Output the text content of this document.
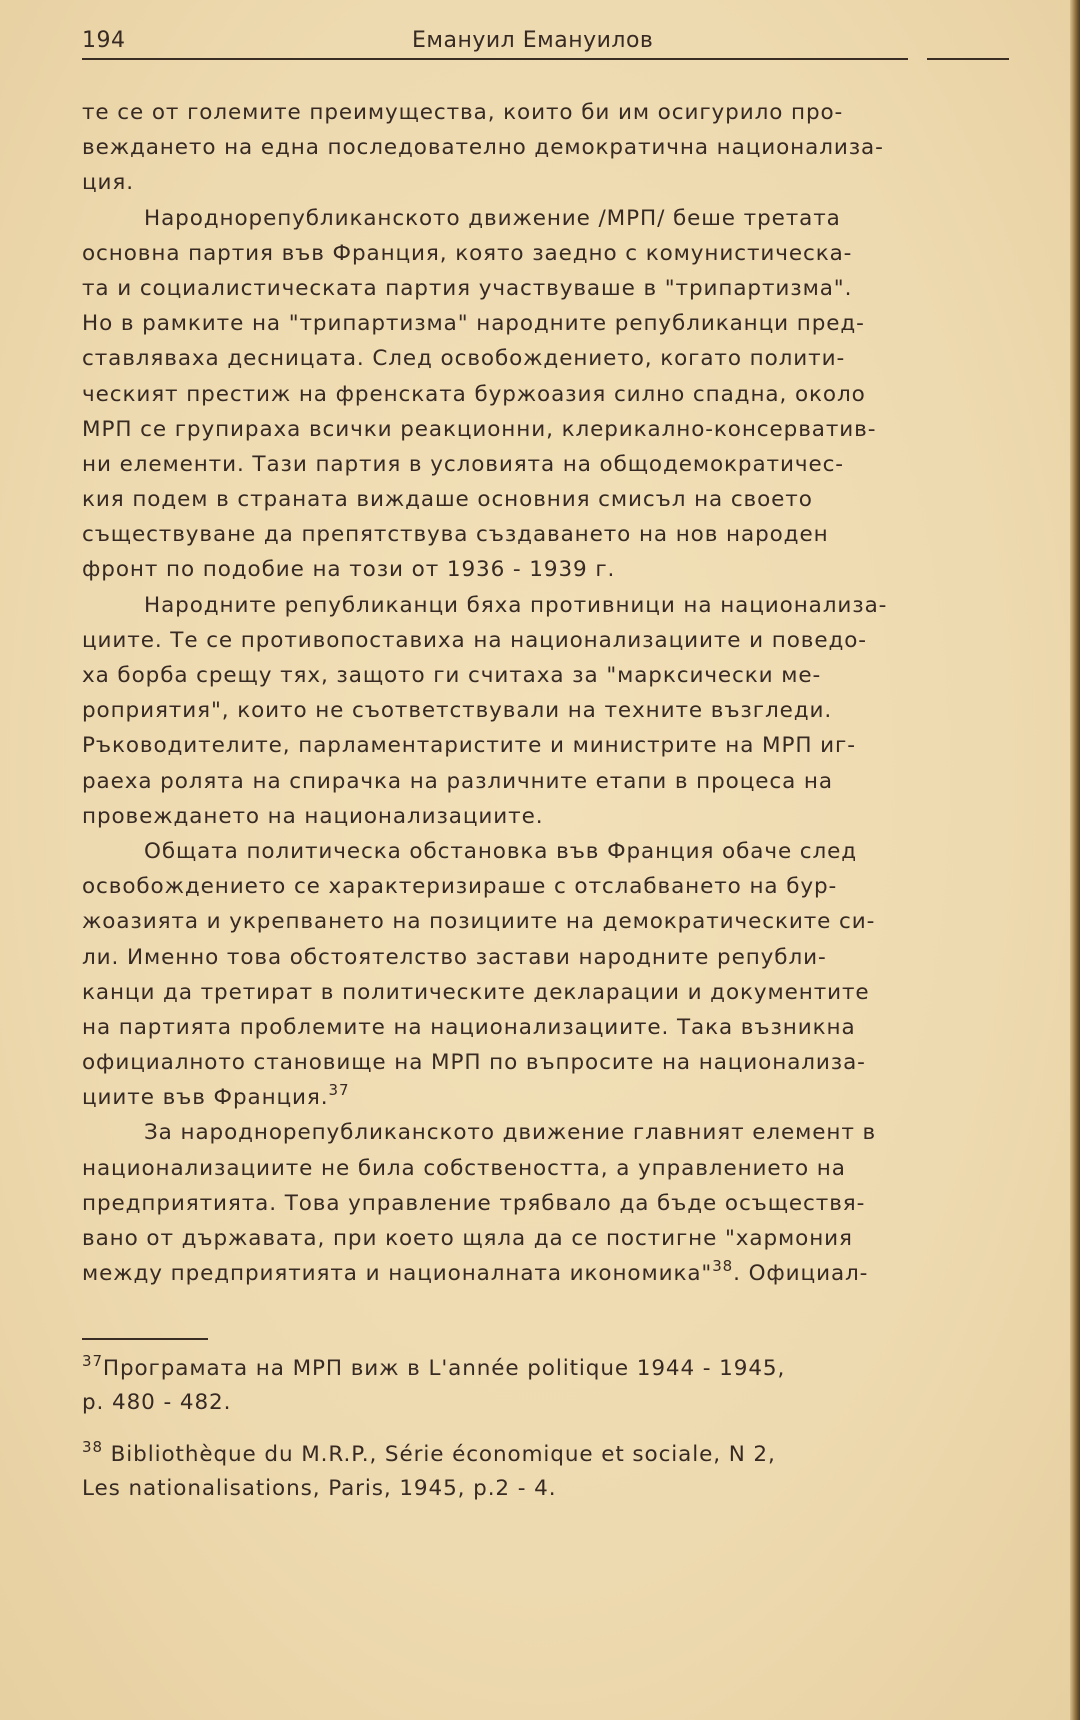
194	Емануил Емануилов
те се от големите преимущества, които би им осигурило про-
веждането на една последователно демократична национализа-
ция.
Народнорепубликанското движение /МРП/ беше третата
основна партия във Франция, която заедно с комунистическа-
та и социалистическата партия участвуваше в "трипартизма".
Но в рамките на "трипартизма" народните републиканци пред-
ставляваха десницата. След освобождението, когато полити-
ческият престиж на френската буржоазия силно спадна, около
МРП се групираха всички реакционни, клерикално-консерватив-
ни елементи. Тази партия в условията на общодемократичес-
кия подем в страната виждаше основния смисъл на своето
съществуване да препятствува създаването на нов народен
фронт по подобие на този от 1936 - 1939 г.
Народните републиканци бяха противници на национализа-
циите. Те се противопоставиха на национализациите и поведо-
ха борба срещу тях, защото ги считаха за "марксически ме-
роприятия", които не съответствували на техните възгледи.
Ръководителите, парламентаристите и министрите на МРП иг-
раеха ролята на спирачка на различните етапи в процеса на
провеждането на национализациите.
Общата политическа обстановка във Франция обаче след
освобождението се характеризираше с отслабването на бур-
жоазията и укрепването на позициите на демократическите си-
ли. Именно това обстоятелство застави народните републи-
канци да третират в политическите декларации и документите
на партията проблемите на национализациите. Така възникна
официалното становище на МРП по въпросите на национализа-
циите във Франция.$^{37}$
За народнорепубликанското движение главният елемент в
национализациите не била собствеността, а управлението на
предприятията. Това управление трябвало да бъде осъществя-
вано от държавата, при което щяла да се постигне "хармония
между предприятията и националната икономика"$^{38}$. Официал-
$^{37}$Програмата на МРП виж в L'année politique 1944 - 1945,
p. 480 - 482.
$^{38}$ Bibliothèque du M.R.P., Série économique et sociale, N 2,
Les nationalisations, Paris, 1945, p.2 - 4.
